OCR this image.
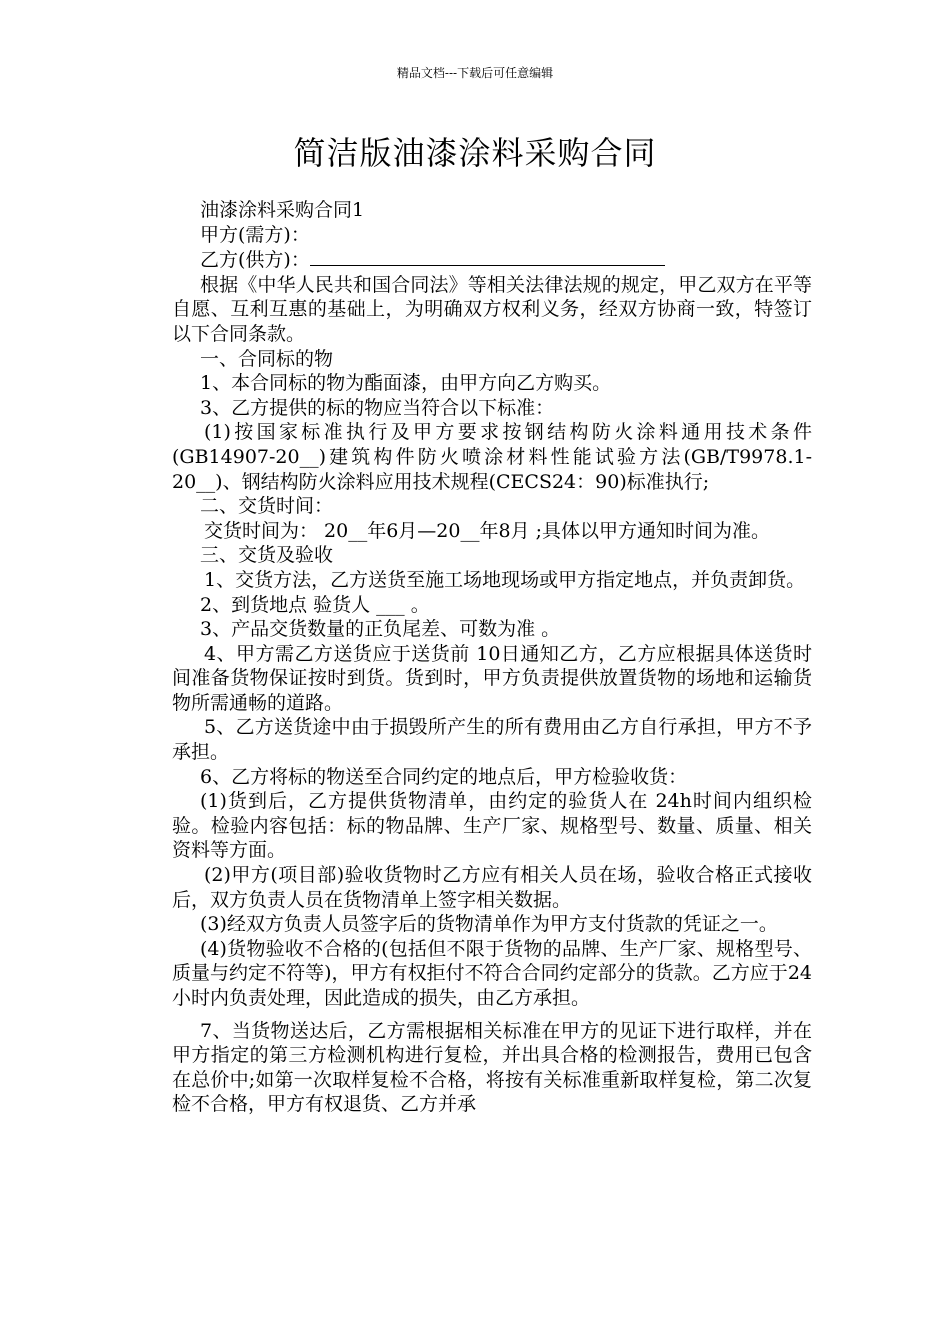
精品文档---下载后可任意编辑
简洁版油漆涂料采购合同

油漆涂料采购合同1

甲方(需方)：

乙方(供方)：

根据《中华人民共和国合同法》等相关法律法规的规定，甲乙双方在平等自愿、互利互惠的基础上，为明确双方权利义务，经双方协商一致，特签订以下合同条款。

一、合同标的物

1、本合同标的物为酯面漆，由甲方向乙方购买。

3、乙方提供的标的物应当符合以下标准：

(1)按国家标准执行及甲方要求按钢结构防火涂料通用技术条件(GB14907-20__)建筑构件防火喷涂材料性能试验方法(GB/T9978.1-20__)、钢结构防火涂料应用技术规程(CECS24：90)标准执行;

二、交货时间：

交货时间为： 20__年6月—20__年8月 ;具体以甲方通知时间为准。

三、交货及验收

1、交货方法，乙方送货至施工场地现场或甲方指定地点，并负责卸货。

2、到货地点 验货人 ___ 。

3、产品交货数量的正负尾差、可数为准 。

4、甲方需乙方送货应于送货前 10日通知乙方，乙方应根据具体送货时间准备货物保证按时到货。货到时，甲方负责提供放置货物的场地和运输货物所需通畅的道路。

5、乙方送货途中由于损毁所产生的所有费用由乙方自行承担，甲方不予承担。

6、乙方将标的物送至合同约定的地点后，甲方检验收货：

(1)货到后，乙方提供货物清单，由约定的验货人在 24h时间内组织检验。检验内容包括：标的物品牌、生产厂家、规格型号、数量、质量、相关资料等方面。

(2)甲方(项目部)验收货物时乙方应有相关人员在场，验收合格正式接收后，双方负责人员在货物清单上签字相关数据。

(3)经双方负责人员签字后的货物清单作为甲方支付货款的凭证之一。

(4)货物验收不合格的(包括但不限于货物的品牌、生产厂家、规格型号、质量与约定不符等)，甲方有权拒付不符合合同约定部分的货款。乙方应于24小时内负责处理，因此造成的损失，由乙方承担。

7、当货物送达后，乙方需根据相关标准在甲方的见证下进行取样，并在甲方指定的第三方检测机构进行复检，并出具合格的检测报告，费用已包含在总价中;如第一次取样复检不合格，将按有关标准重新取样复检，第二次复检不合格，甲方有权退货、乙方并承
